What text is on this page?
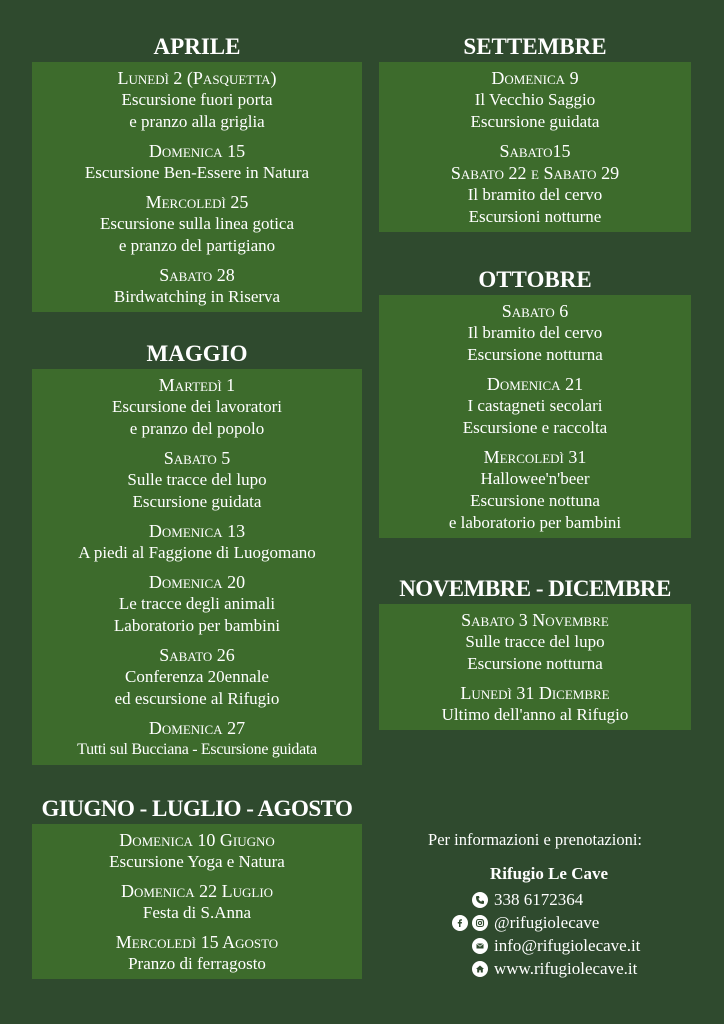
APRILE
Lunedì 2 (Pasquetta)
Escursione fuori porta
e pranzo alla griglia
Domenica 15
Escursione Ben-Essere in Natura
Mercoledì 25
Escursione sulla linea gotica
e pranzo del partigiano
Sabato 28
Birdwatching in Riserva
MAGGIO
Martedì 1
Escursione dei lavoratori
e pranzo del popolo
Sabato 5
Sulle tracce del lupo
Escursione guidata
Domenica 13
A piedi al Faggione di Luogomano
Domenica 20
Le tracce degli animali
Laboratorio per bambini
Sabato 26
Conferenza 20ennale
ed escursione al Rifugio
Domenica 27
Tutti sul Bucciana - Escursione guidata
GIUGNO - LUGLIO - AGOSTO
Domenica 10 Giugno
Escursione Yoga e Natura
Domenica 22 Luglio
Festa di S.Anna
Mercoledì 15 Agosto
Pranzo di ferragosto
SETTEMBRE
Domenica 9
Il Vecchio Saggio
Escursione guidata
Sabato15
Sabato 22 e Sabato 29
Il bramito del cervo
Escursioni notturne
OTTOBRE
Sabato 6
Il bramito del cervo
Escursione notturna
Domenica 21
I castagneti secolari
Escursione e raccolta
Mercoledì 31
Hallowee'n'beer
Escursione nottuna
e laboratorio per bambini
NOVEMBRE - DICEMBRE
Sabato 3 Novembre
Sulle tracce del lupo
Escursione notturna
Lunedì 31 Dicembre
Ultimo dell'anno al Rifugio
Per informazioni e prenotazioni:
Rifugio Le Cave
338 6172364
@rifugiolecave
info@rifugiolecave.it
www.rifugiolecave.it
